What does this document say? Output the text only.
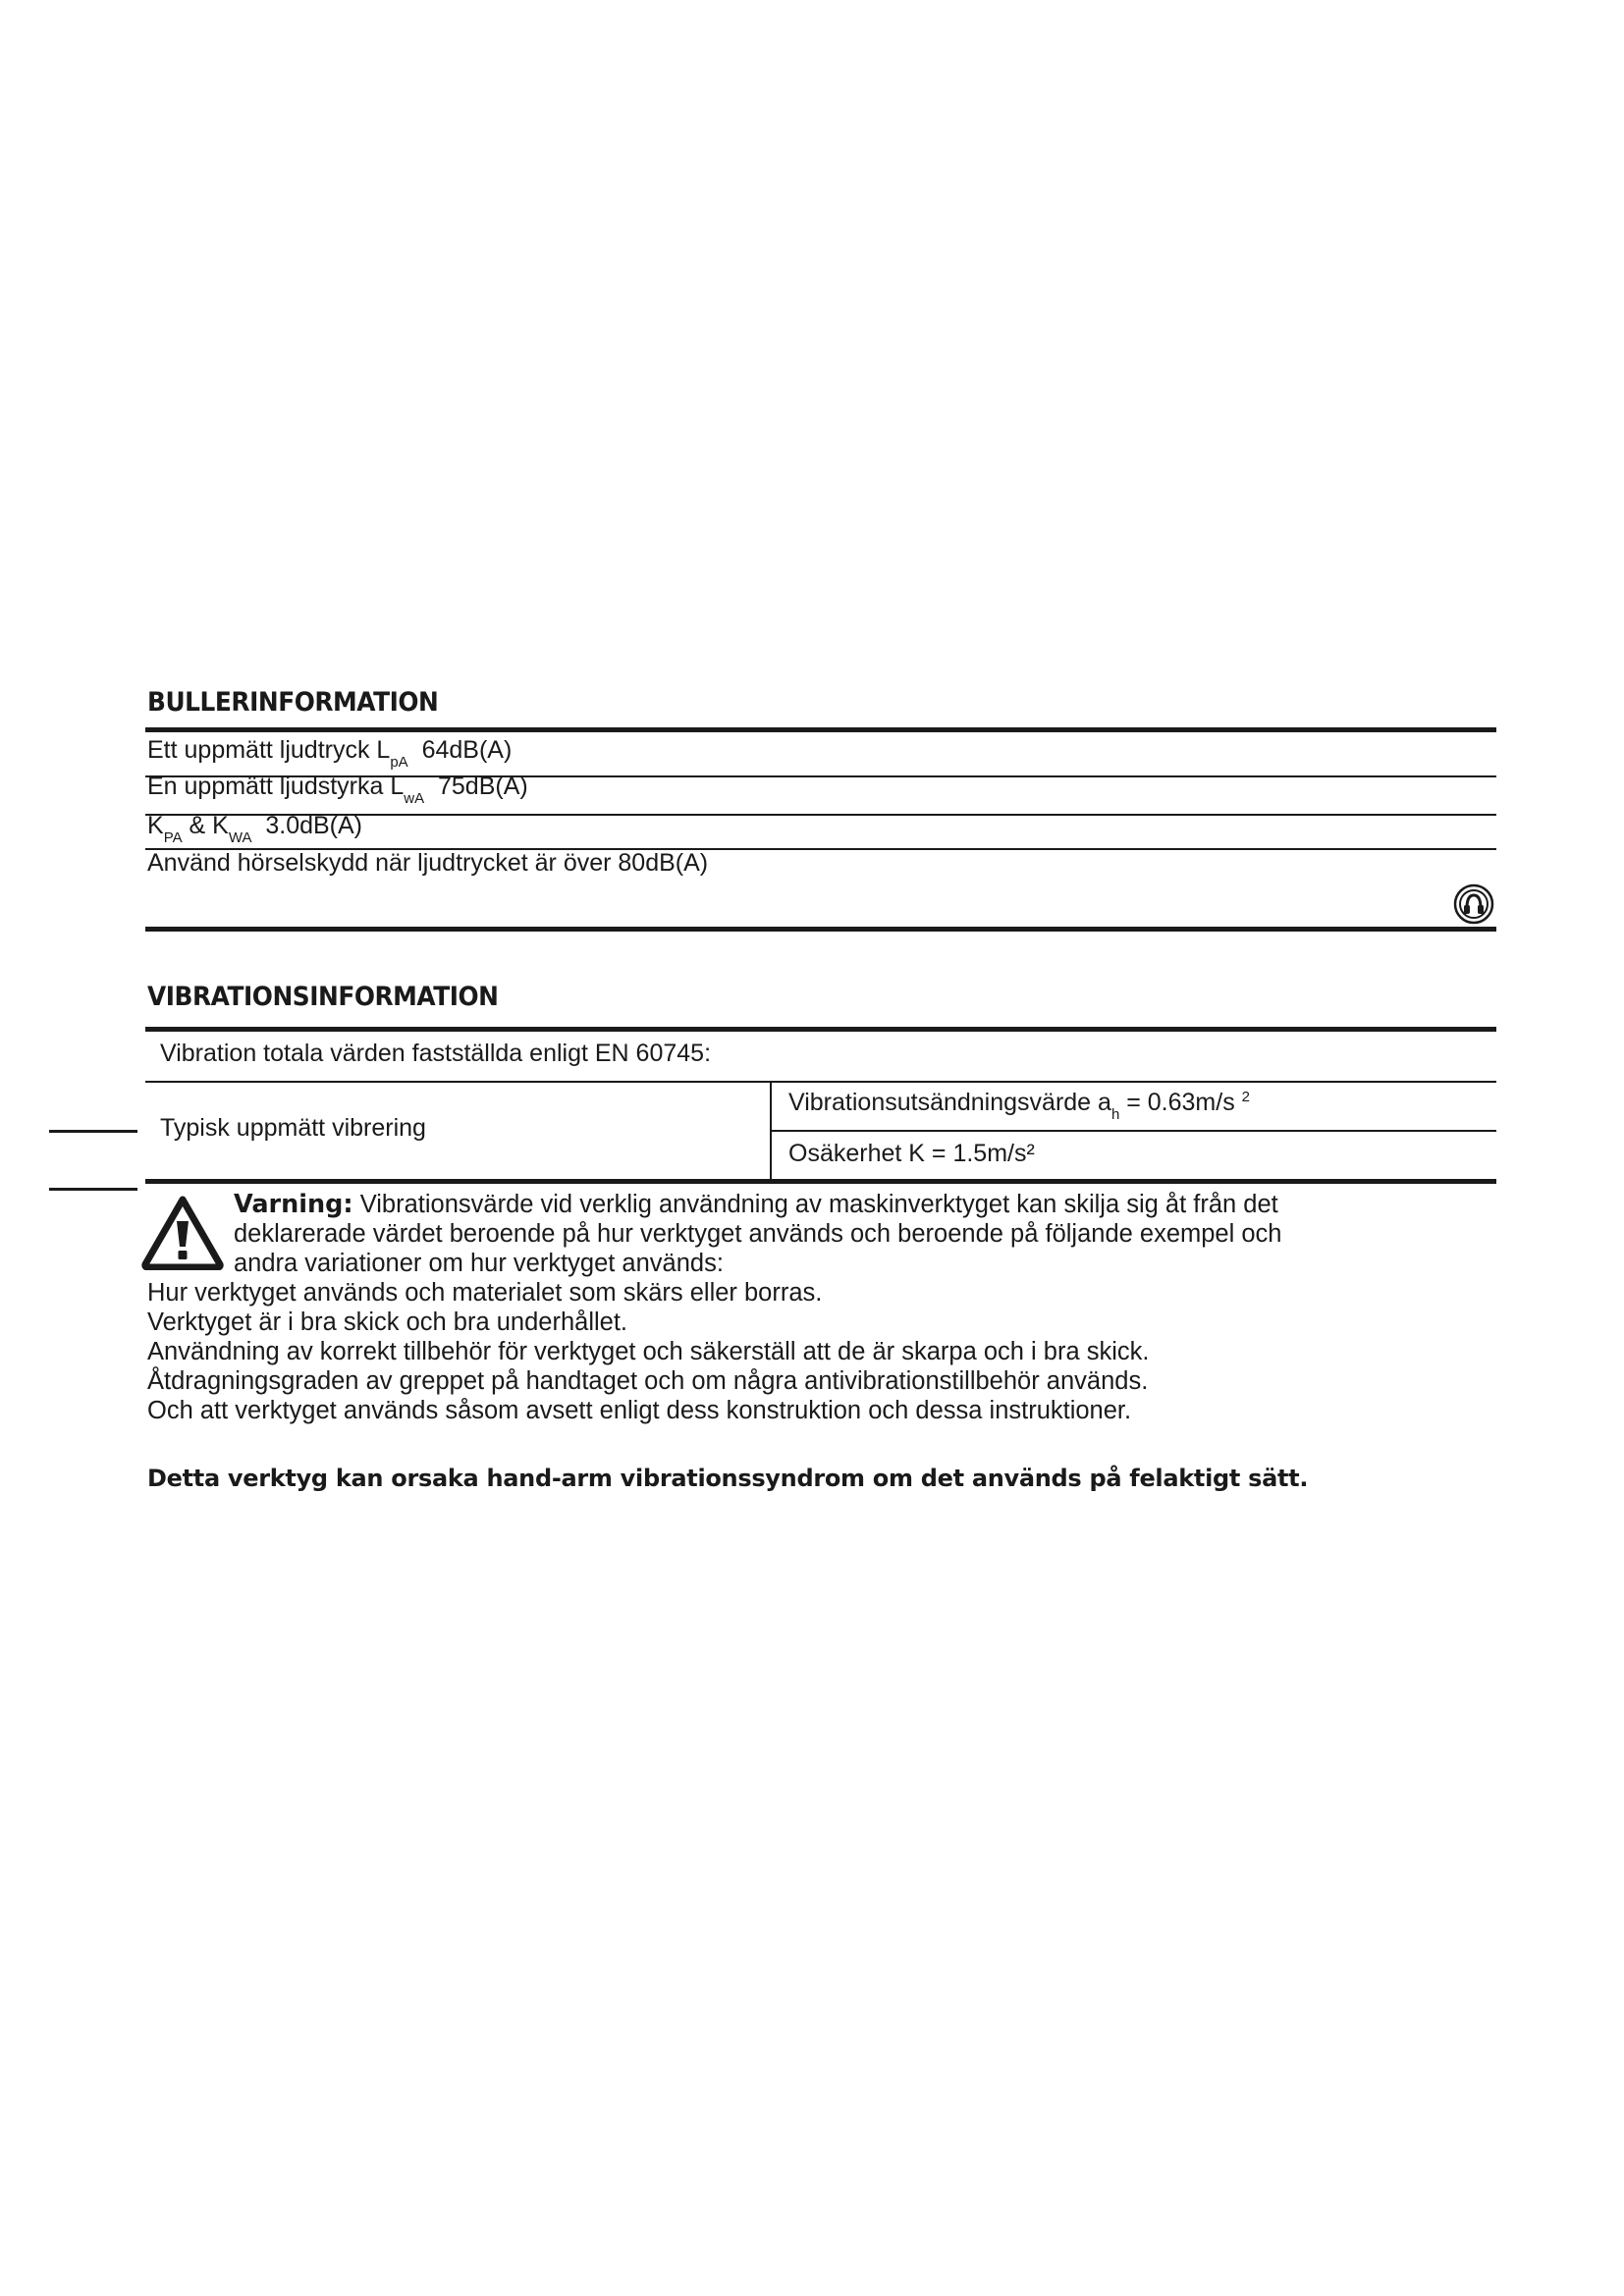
BULLERINFORMATION
Ett uppmätt ljudtryck $L_{pA}$  64dB(A)
En uppmätt ljudstyrka $L_{wA}$  75dB(A)
$K_{PA}$ & $K_{WA}$  3.0dB(A)
Använd hörselskydd när ljudtrycket är över 80dB(A)
VIBRATIONSINFORMATION
Vibration totala värden fastställda enligt EN 60745:
Typisk uppmätt vibrering
Vibrationsutsändningsvärde $a_h = 0.63m/s$ $^2$
Osäkerhet K = 1.5m/s²
Varning: Vibrationsvärde vid verklig användning av maskinverktyget kan skilja sig åt från det
deklarerade värdet beroende på hur verktyget används och beroende på följande exempel och
andra variationer om hur verktyget används:
Hur verktyget används och materialet som skärs eller borras.
Verktyget är i bra skick och bra underhållet.
Användning av korrekt tillbehör för verktyget och säkerställ att de är skarpa och i bra skick.
Åtdragningsgraden av greppet på handtaget och om några antivibrationstillbehör används.
Och att verktyget används såsom avsett enligt dess konstruktion och dessa instruktioner.
Detta verktyg kan orsaka hand-arm vibrationssyndrom om det används på felaktigt sätt.
